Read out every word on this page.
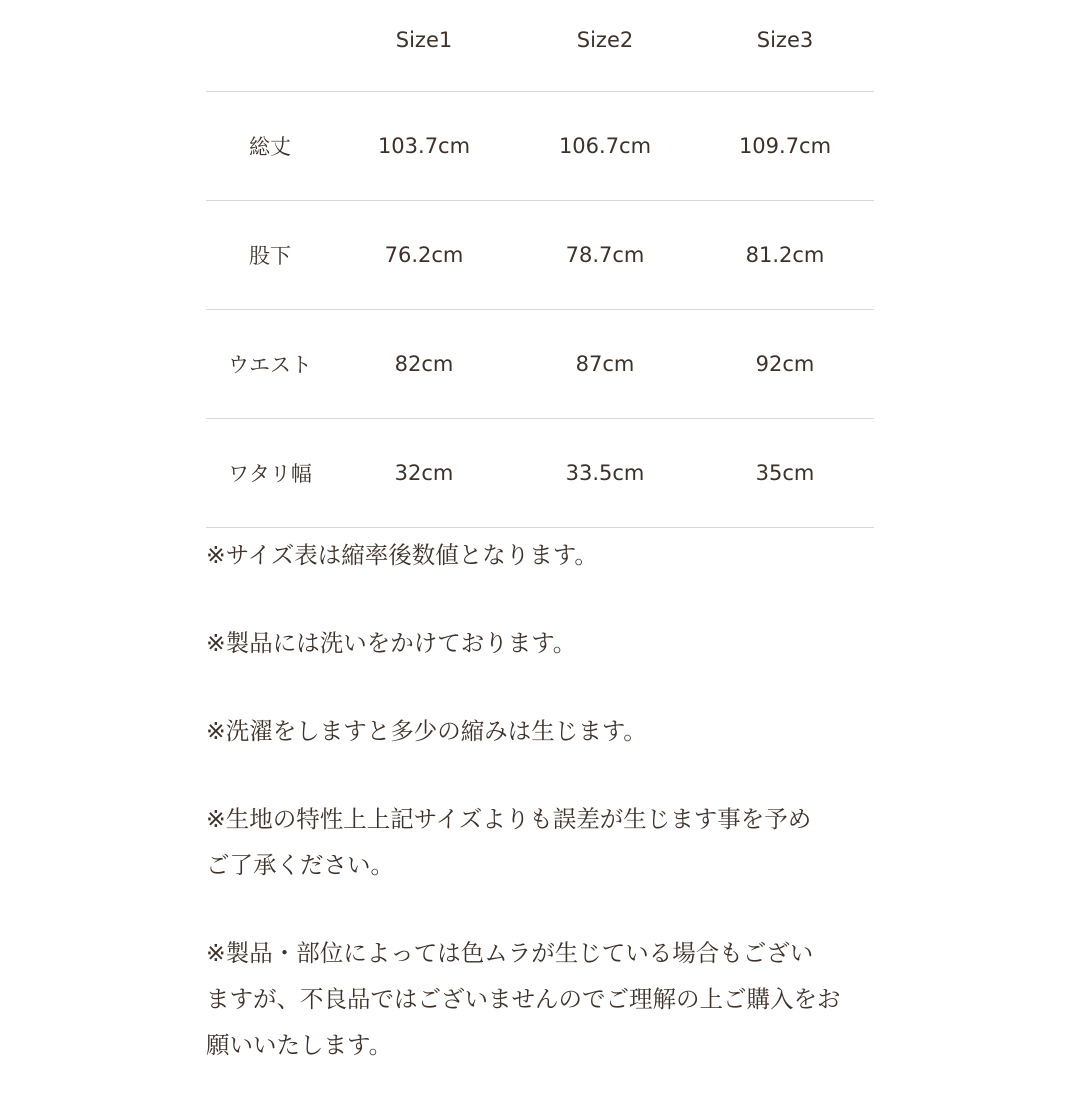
	Size1	Size2	Size3
総丈	103.7cm	106.7cm	109.7cm
股下	76.2cm	78.7cm	81.2cm
ウエスト	82cm	87cm	92cm
ワタリ幅	32cm	33.5cm	35cm

※サイズ表は縮率後数値となります。

※製品には洗いをかけております。

※洗濯をしますと多少の縮みは生じます。

※生地の特性上上記サイズよりも誤差が生じます事を予め
ご了承ください。

※製品・部位によっては色ムラが生じている場合もござい
ますが、不良品ではございませんのでご理解の上ご購入をお
願いいたします。
